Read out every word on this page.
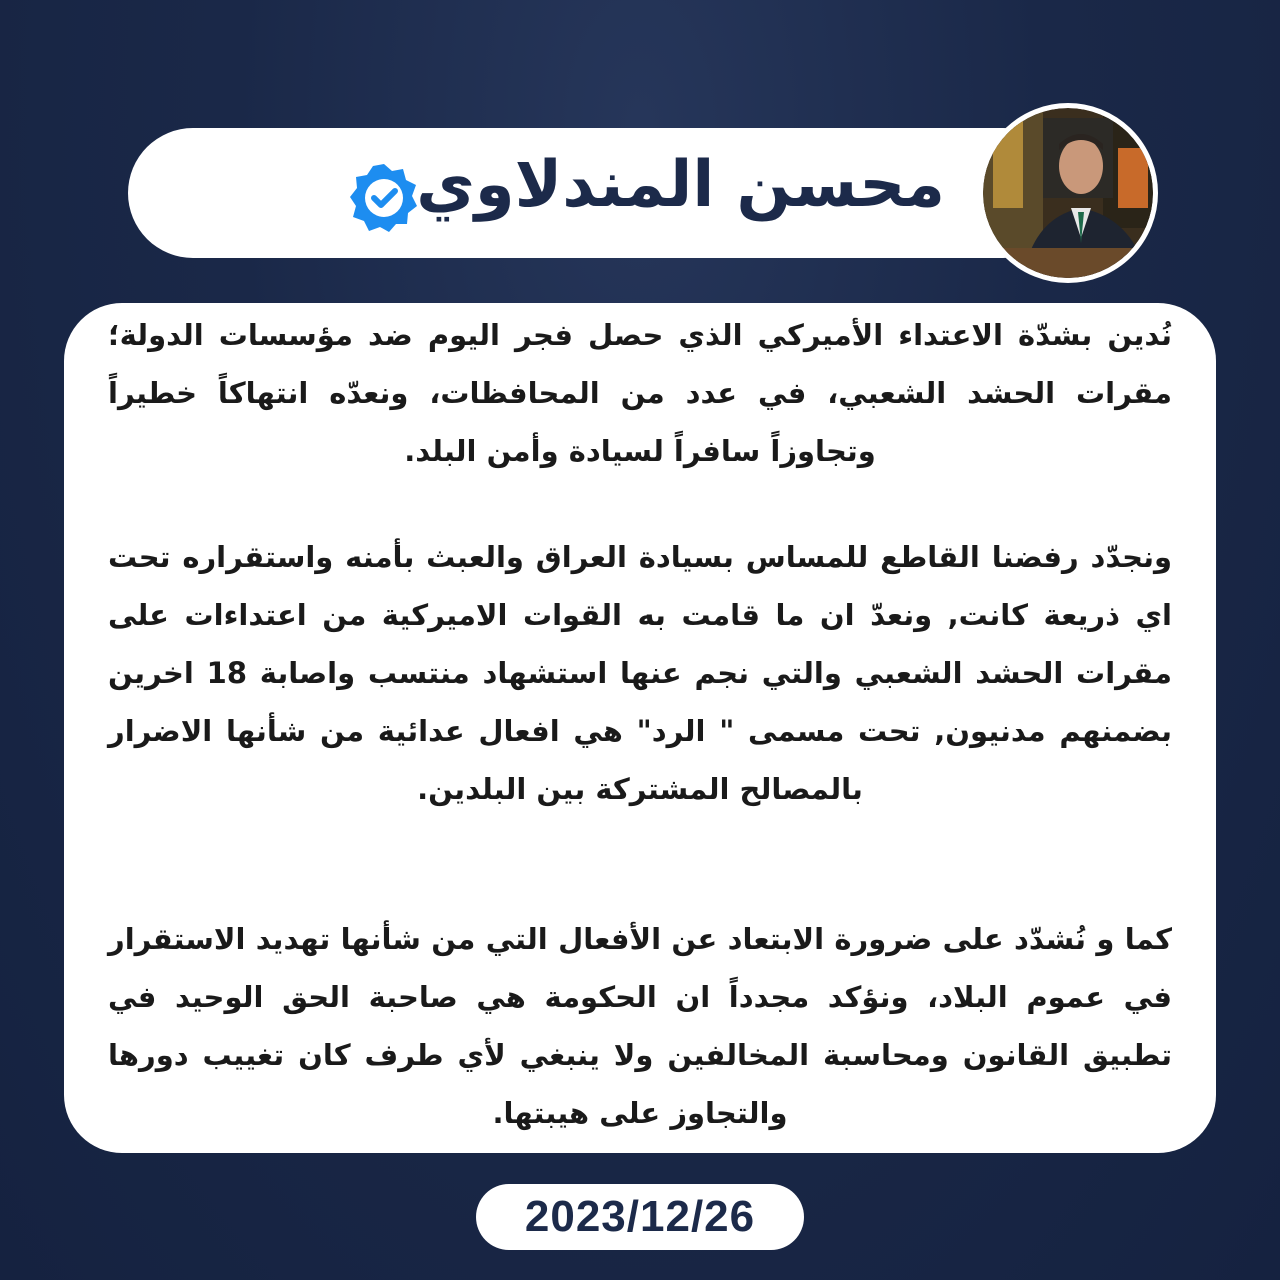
محسن المندلاوي
نُدين بشدّة الاعتداء الأميركي الذي حصل فجر اليوم ضد مؤسسات الدولة؛ مقرات الحشد الشعبي، في عدد من المحافظات، ونعدّه انتهاكاً خطيراً وتجاوزاً سافراً لسيادة وأمن البلد.
ونجدّد رفضنا القاطع للمساس بسيادة العراق والعبث بأمنه واستقراره تحت اي ذريعة كانت, ونعدّ ان ما قامت به القوات الاميركية من اعتداءات على مقرات الحشد الشعبي والتي نجم عنها استشهاد منتسب واصابة 18 اخرين بضمنهم مدنيون, تحت مسمى " الرد" هي افعال عدائية من شأنها الاضرار بالمصالح المشتركة بين البلدين.
كما و نُشدّد على ضرورة الابتعاد عن الأفعال التي من شأنها تهديد الاستقرار في عموم البلاد، ونؤكد مجدداً ان الحكومة هي صاحبة الحق الوحيد في تطبيق القانون ومحاسبة المخالفين ولا ينبغي لأي طرف كان تغييب دورها والتجاوز على هيبتها.
2023/12/26
